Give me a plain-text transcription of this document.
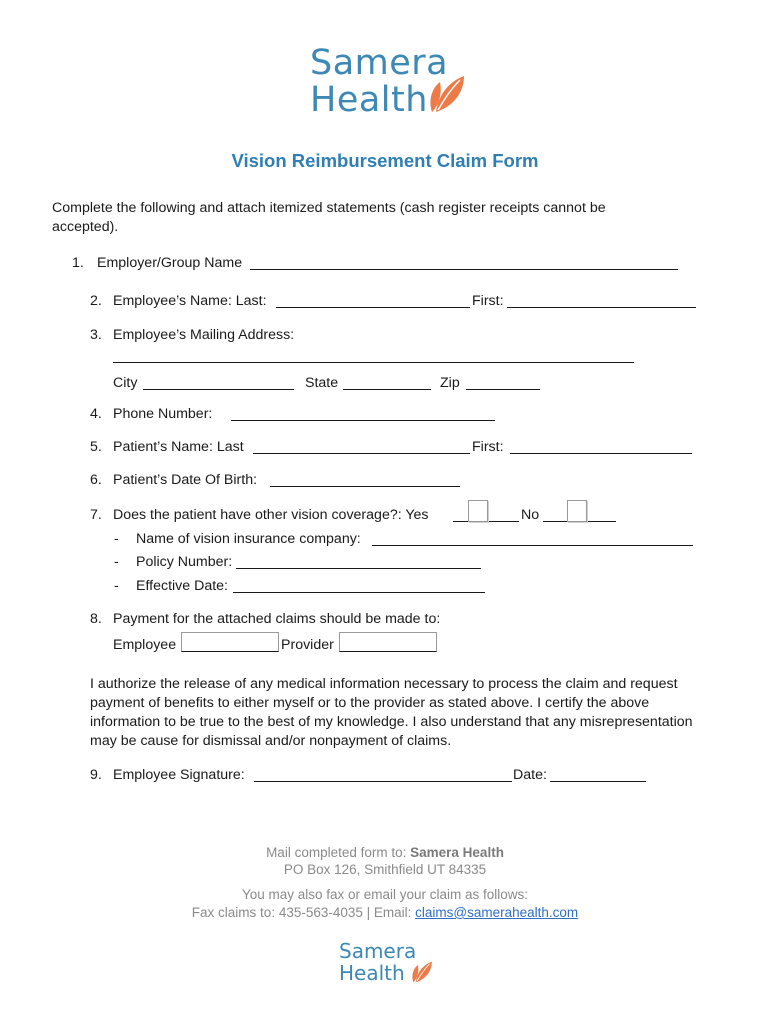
Samera
Health
Vision Reimbursement Claim Form
Complete the following and attach itemized statements (cash register receipts cannot be accepted).
1. Employer/Group Name
2. Employee’s Name: Last:	First:
3. Employee’s Mailing Address:
City	State	Zip
4. Phone Number:
5. Patient’s Name: Last	First:
6. Patient’s Date Of Birth:
7. Does the patient have other vision coverage?: Yes	No
- Name of vision insurance company:
- Policy Number:
- Effective Date:
8. Payment for the attached claims should be made to:
Employee	Provider
I authorize the release of any medical information necessary to process the claim and request payment of benefits to either myself or to the provider as stated above. I certify the above information to be true to the best of my knowledge. I also understand that any misrepresentation may be cause for dismissal and/or nonpayment of claims.
9. Employee Signature:	Date:
Mail completed form to: Samera Health
PO Box 126, Smithfield UT 84335
You may also fax or email your claim as follows:
Fax claims to: 435-563-4035 | Email: claims@samerahealth.com
Samera
Health
